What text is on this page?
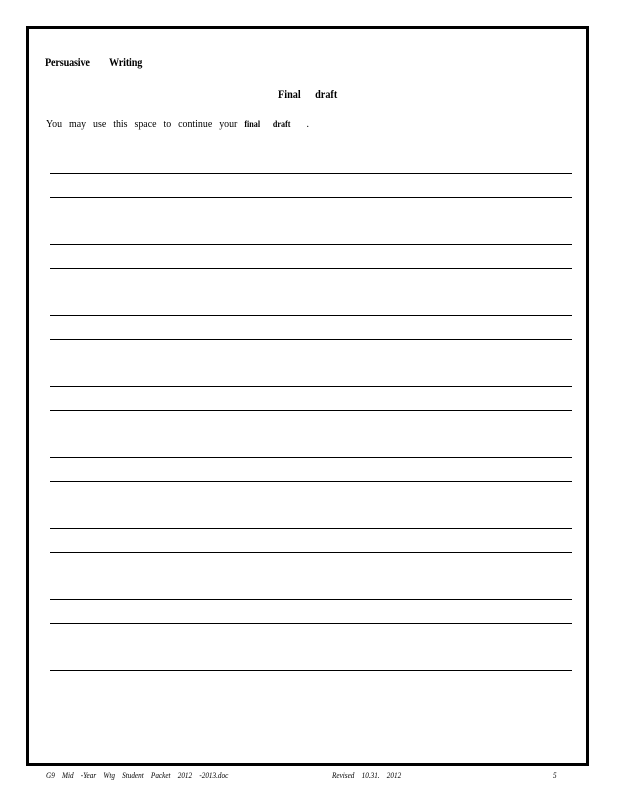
Persuasive Writing
Final draft
You may use this space to continue your final draft .
G9 Mid -Year Wtg Student Packet 2012 -2013.doc	Revised 10.31. 2012	5
